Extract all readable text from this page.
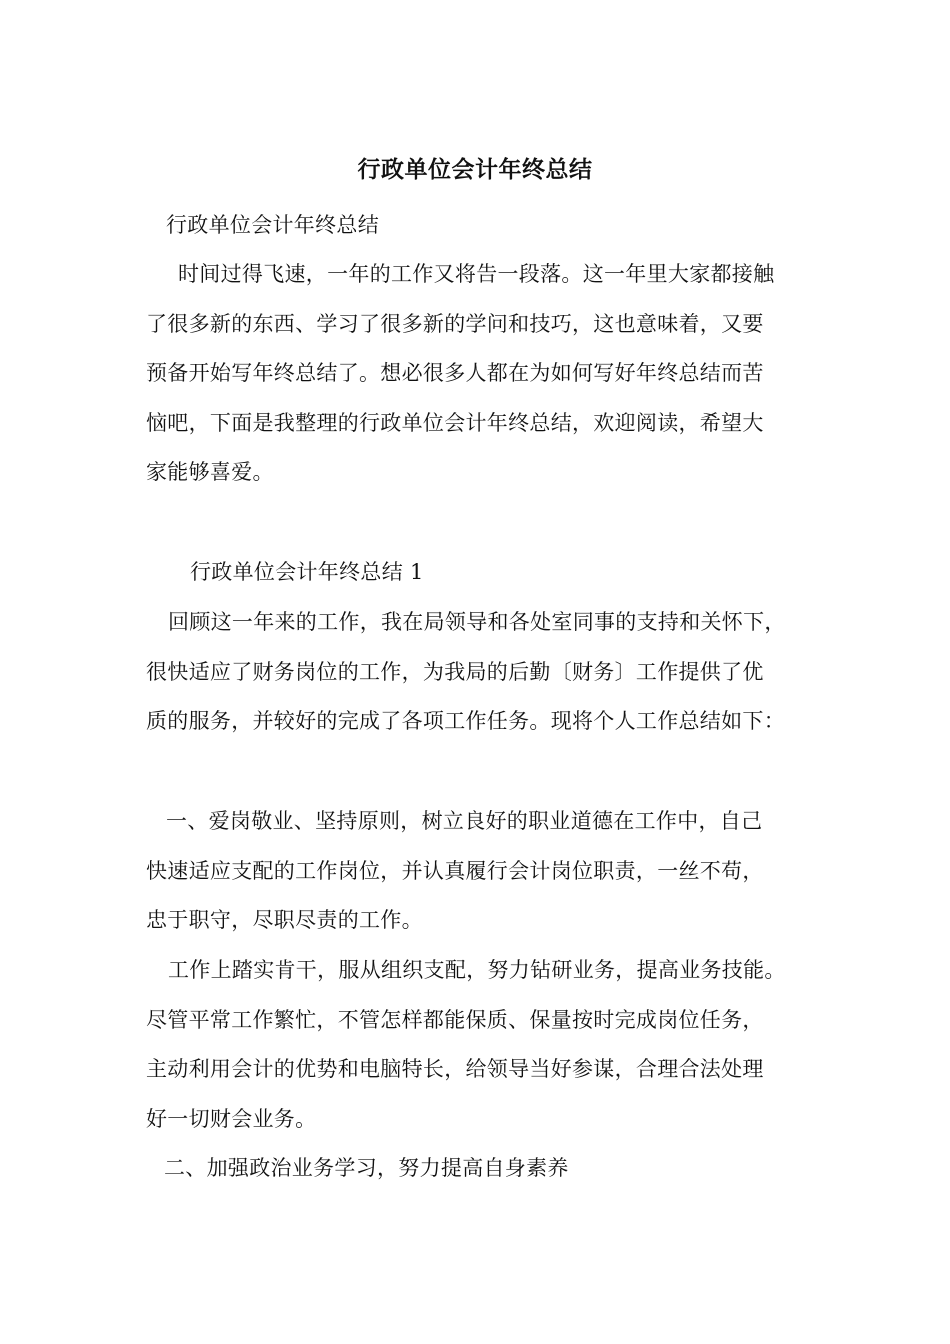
行政单位会计年终总结
行政单位会计年终总结
时间过得飞速，一年的工作又将告一段落。这一年里大家都接触
了很多新的东西、学习了很多新的学问和技巧，这也意味着，又要
预备开始写年终总结了。想必很多人都在为如何写好年终总结而苦
恼吧，下面是我整理的行政单位会计年终总结，欢迎阅读，希望大
家能够喜爱。
行政单位会计年终总结 1
回顾这一年来的工作，我在局领导和各处室同事的支持和关怀下，
很快适应了财务岗位的工作，为我局的后勤〔财务〕工作提供了优
质的服务，并较好的完成了各项工作任务。现将个人工作总结如下：
一、爱岗敬业、坚持原则，树立良好的职业道德在工作中，自己
快速适应支配的工作岗位，并认真履行会计岗位职责，一丝不苟，
忠于职守，尽职尽责的工作。
工作上踏实肯干，服从组织支配，努力钻研业务，提高业务技能。
尽管平常工作繁忙，不管怎样都能保质、保量按时完成岗位任务，
主动利用会计的优势和电脑特长，给领导当好参谋，合理合法处理
好一切财会业务。
二、加强政治业务学习，努力提高自身素养
